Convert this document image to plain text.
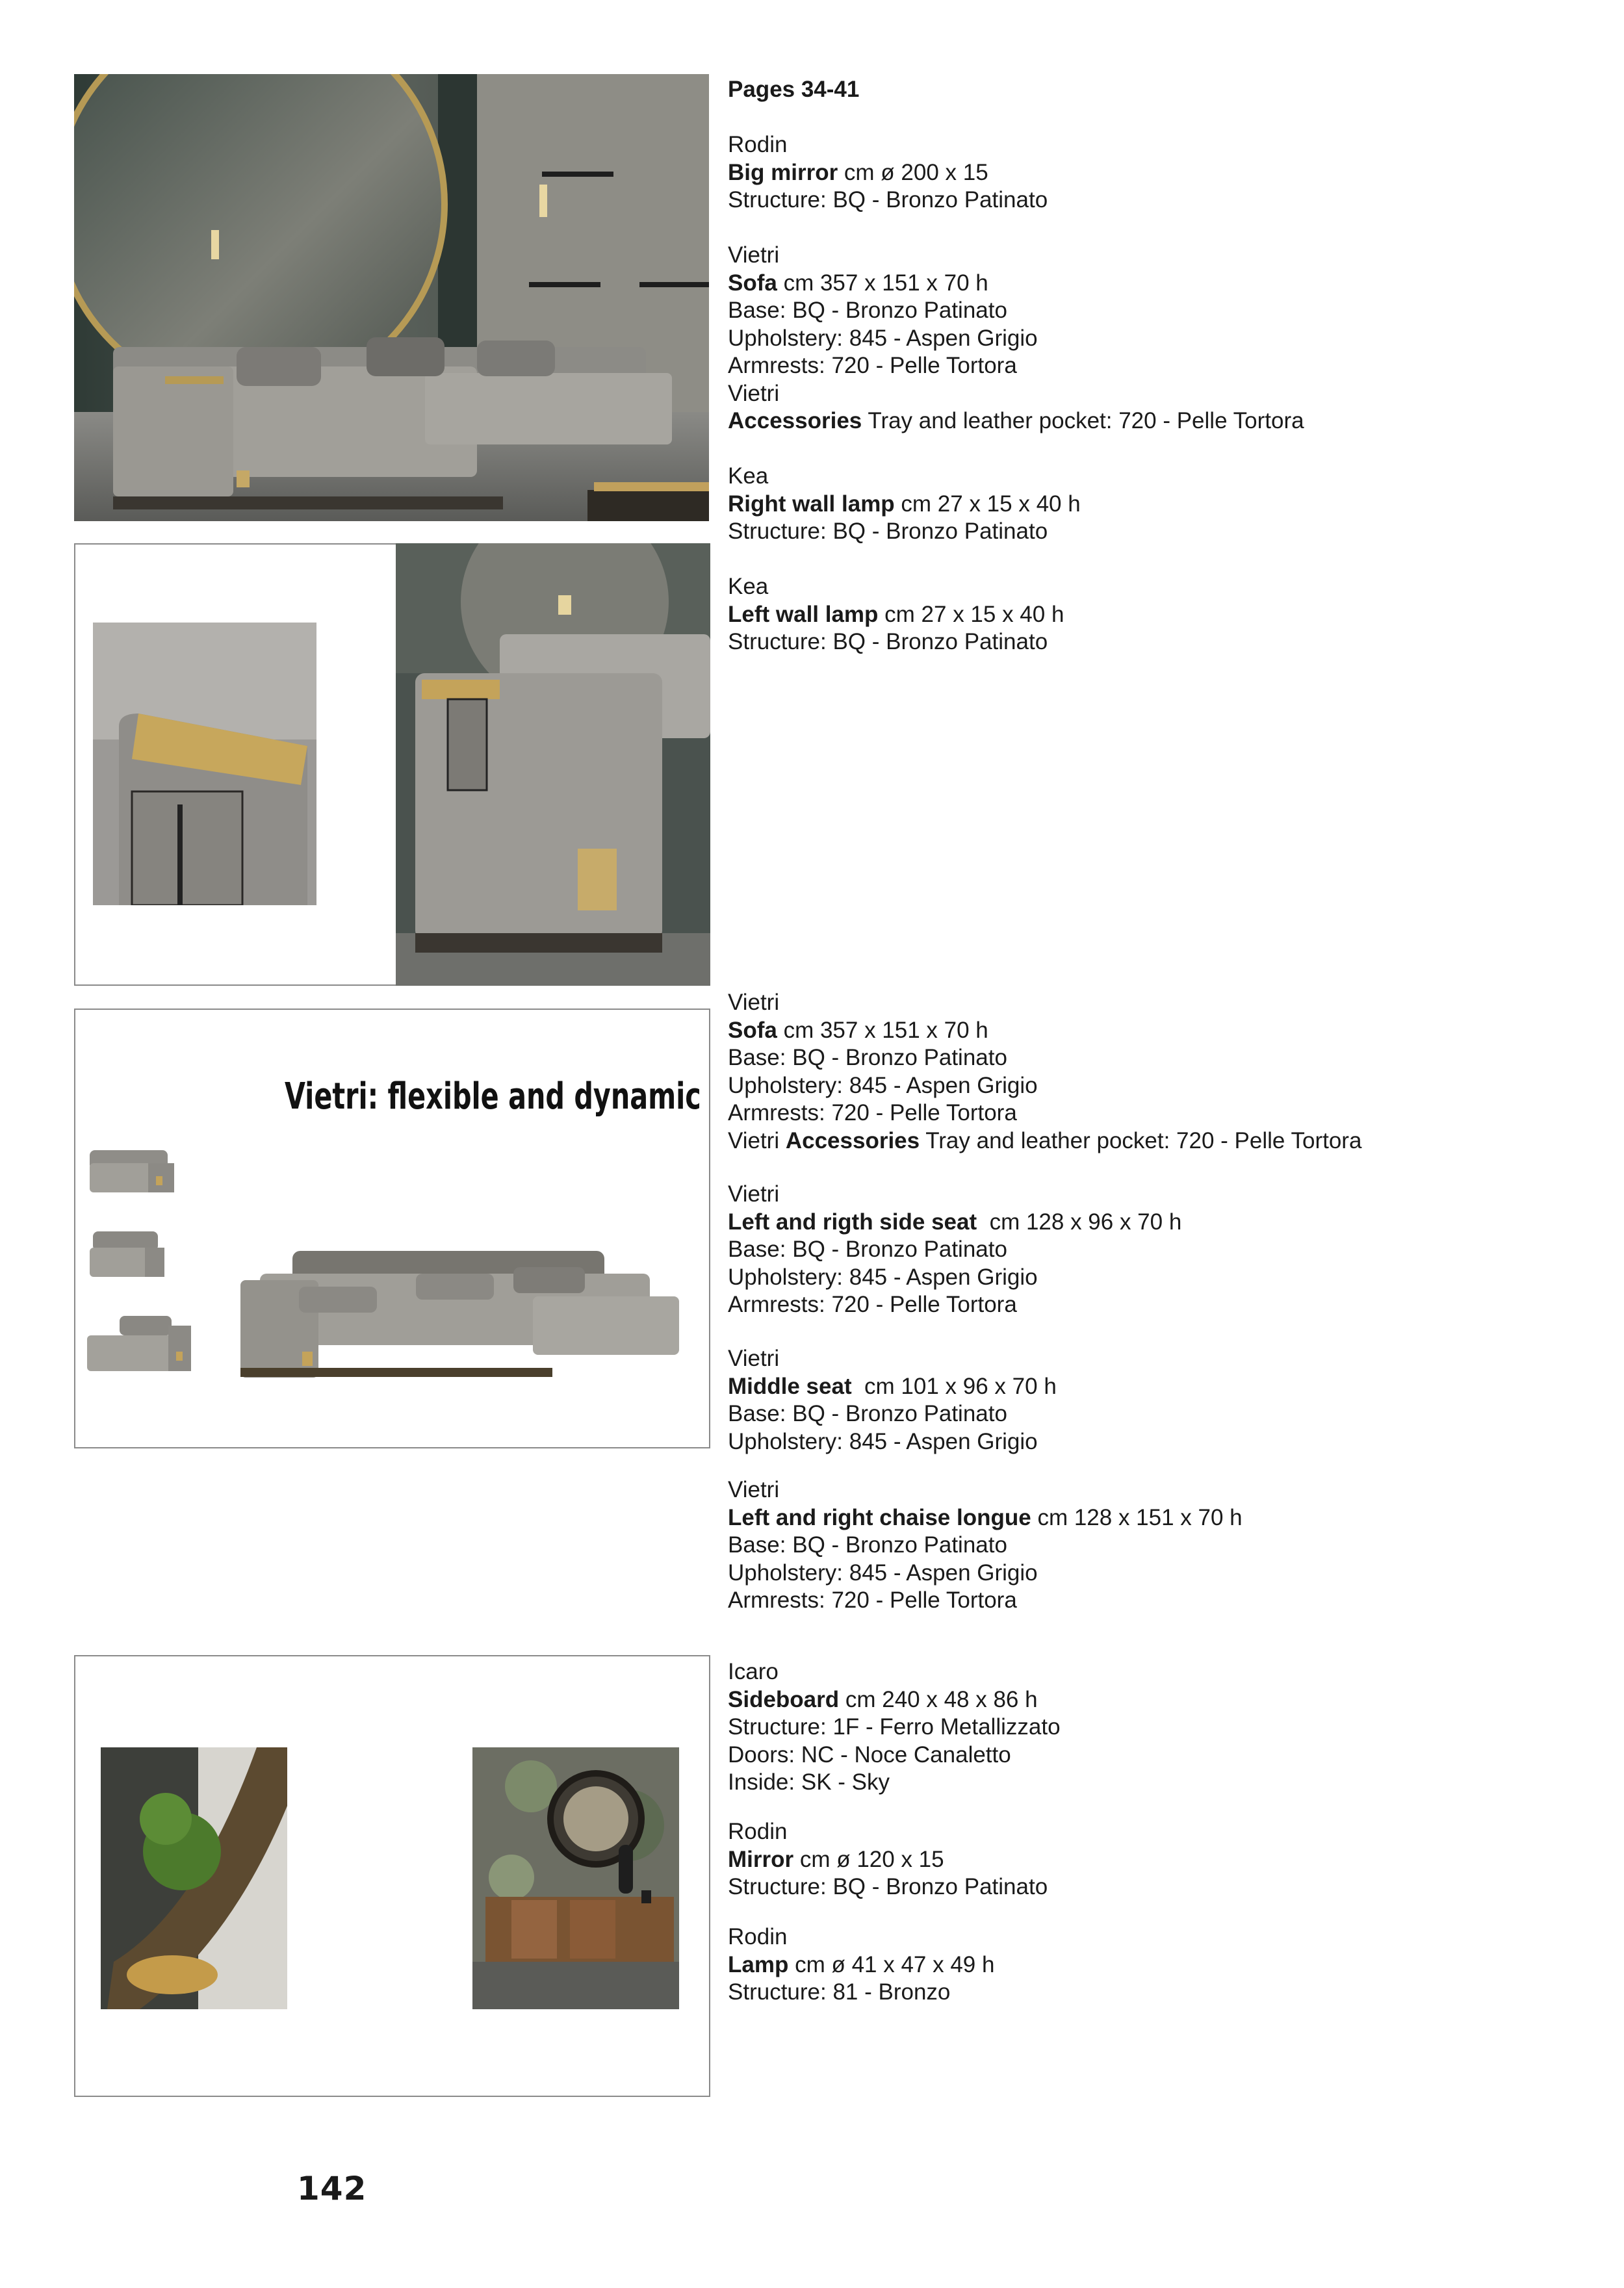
Vietri: flexible and dynamic
Pages 34-41
Rodin
Big mirror cm ø 200 x 15
Structure: BQ - Bronzo Patinato
Vietri
Sofa cm 357 x 151 x 70 h
Base: BQ - Bronzo Patinato
Upholstery: 845 - Aspen Grigio
Armrests: 720 - Pelle Tortora
Vietri
Accessories Tray and leather pocket: 720 - Pelle Tortora
Kea
Right wall lamp cm 27 x 15 x 40 h
Structure: BQ - Bronzo Patinato
Kea
Left wall lamp cm 27 x 15 x 40 h
Structure: BQ - Bronzo Patinato
Vietri
Sofa cm 357 x 151 x 70 h
Base: BQ - Bronzo Patinato
Upholstery: 845 - Aspen Grigio
Armrests: 720 - Pelle Tortora
Vietri Accessories Tray and leather pocket: 720 - Pelle Tortora
Vietri
Left and rigth side seat  cm 128 x 96 x 70 h
Base: BQ - Bronzo Patinato
Upholstery: 845 - Aspen Grigio
Armrests: 720 - Pelle Tortora
Vietri
Middle seat  cm 101 x 96 x 70 h
Base: BQ - Bronzo Patinato
Upholstery: 845 - Aspen Grigio
Vietri
Left and right chaise longue cm 128 x 151 x 70 h
Base: BQ - Bronzo Patinato
Upholstery: 845 - Aspen Grigio
Armrests: 720 - Pelle Tortora
Icaro
Sideboard cm 240 x 48 x 86 h
Structure: 1F - Ferro Metallizzato
Doors: NC - Noce Canaletto
Inside: SK - Sky
Rodin
Mirror cm ø 120 x 15
Structure: BQ - Bronzo Patinato
Rodin
Lamp cm ø 41 x 47 x 49 h
Structure: 81 - Bronzo
142
